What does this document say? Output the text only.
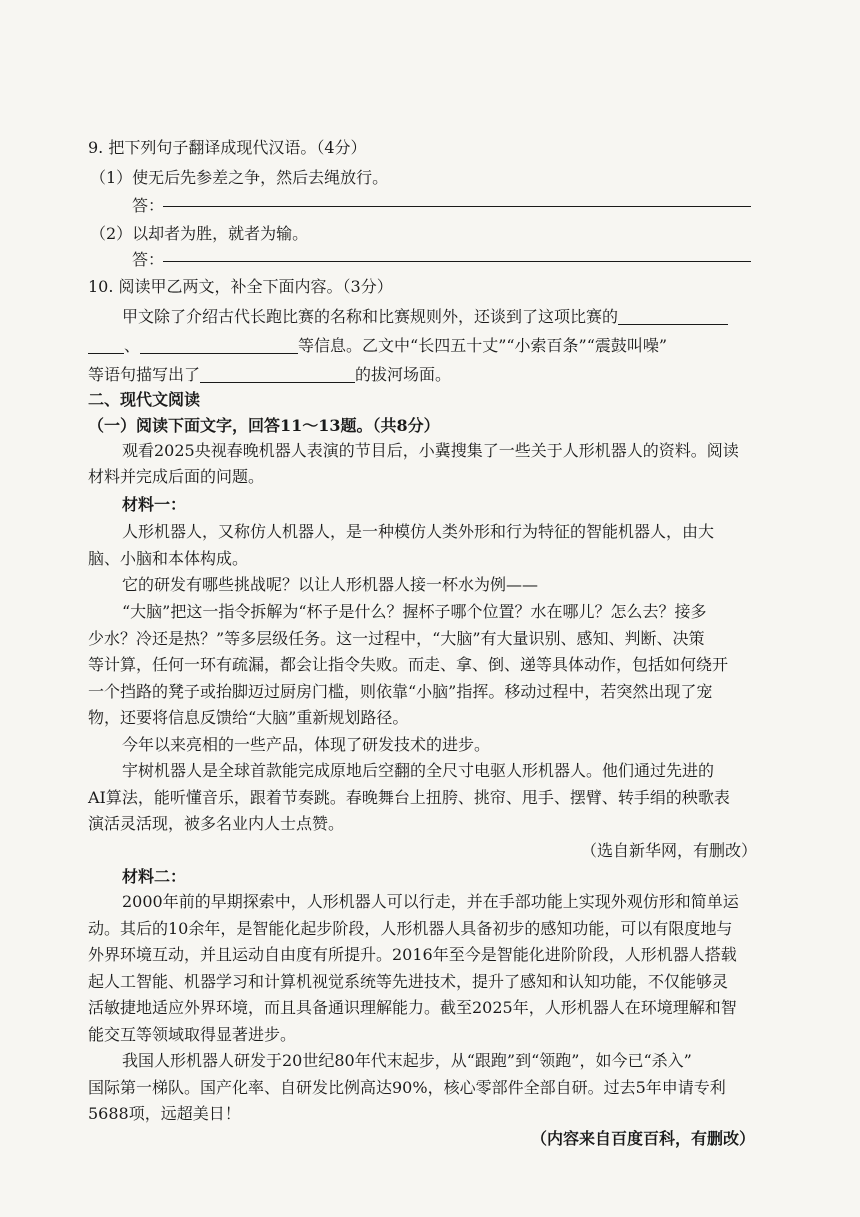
9. 把下列句子翻译成现代汉语。（4分）
（1）使无后先参差之争，然后去绳放行。
答：
（2）以却者为胜，就者为输。
答：
10. 阅读甲乙两文，补全下面内容。（3分）
甲文除了介绍古代长跑比赛的名称和比赛规则外，还谈到了这项比赛的
、	等信息。乙文中“长四五十丈”“小索百条”“震鼓叫噪”
等语句描写出了	的拔河场面。
二、现代文阅读
（一）阅读下面文字，回答11～13题。（共8分）
观看2025央视春晚机器人表演的节目后，小冀搜集了一些关于人形机器人的资料。阅读
材料并完成后面的问题。
材料一：
人形机器人，又称仿人机器人，是一种模仿人类外形和行为特征的智能机器人，由大
脑、小脑和本体构成。
它的研发有哪些挑战呢？以让人形机器人接一杯水为例——
“大脑”把这一指令拆解为“杯子是什么？握杯子哪个位置？水在哪儿？怎么去？接多
少水？冷还是热？”等多层级任务。这一过程中，“大脑”有大量识别、感知、判断、决策
等计算，任何一环有疏漏，都会让指令失败。而走、拿、倒、递等具体动作，包括如何绕开
一个挡路的凳子或抬脚迈过厨房门槛，则依靠“小脑”指挥。移动过程中，若突然出现了宠
物，还要将信息反馈给“大脑”重新规划路径。
今年以来亮相的一些产品，体现了研发技术的进步。
宇树机器人是全球首款能完成原地后空翻的全尺寸电驱人形机器人。他们通过先进的
AI算法，能听懂音乐，跟着节奏跳。春晚舞台上扭胯、挑帘、甩手、摆臂、转手绢的秧歌表
演活灵活现，被多名业内人士点赞。
（选自新华网，有删改）
材料二：
2000年前的早期探索中，人形机器人可以行走，并在手部功能上实现外观仿形和简单运
动。其后的10余年，是智能化起步阶段，人形机器人具备初步的感知功能，可以有限度地与
外界环境互动，并且运动自由度有所提升。2016年至今是智能化进阶阶段，人形机器人搭载
起人工智能、机器学习和计算机视觉系统等先进技术，提升了感知和认知功能，不仅能够灵
活敏捷地适应外界环境，而且具备通识理解能力。截至2025年，人形机器人在环境理解和智
能交互等领域取得显著进步。
我国人形机器人研发于20世纪80年代末起步，从“跟跑”到“领跑”，如今已“杀入”
国际第一梯队。国产化率、自研发比例高达90%，核心零部件全部自研。过去5年申请专利
5688项，远超美日！
（内容来自百度百科，有删改）
